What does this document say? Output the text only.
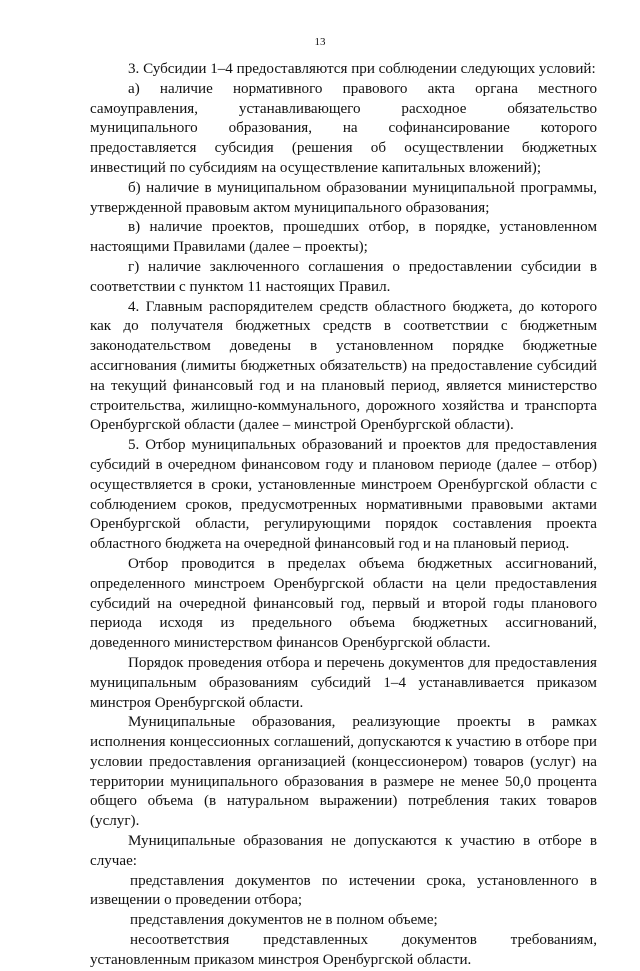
13

3. Субсидии 1–4 предоставляются при соблюдении следующих условий:

а) наличие нормативного правового акта органа местного самоуправления, устанавливающего расходное обязательство муниципального образования, на софинансирование которого предоставляется субсидия (решения об осуществлении бюджетных инвестиций по субсидиям на осуществление капитальных вложений);

б) наличие в муниципальном образовании муниципальной программы, утвержденной правовым актом муниципального образования;

в) наличие проектов, прошедших отбор, в порядке, установленном настоящими Правилами (далее – проекты);

г) наличие заключенного соглашения о предоставлении субсидии в соответствии с пунктом 11 настоящих Правил.

4. Главным распорядителем средств областного бюджета, до которого как до получателя бюджетных средств в соответствии с бюджетным законодательством доведены в установленном порядке бюджетные ассигнования (лимиты бюджетных обязательств) на предоставление субсидий на текущий финансовый год и на плановый период, является министерство строительства, жилищно-коммунального, дорожного хозяйства и транспорта Оренбургской области (далее – минстрой Оренбургской области).

5. Отбор муниципальных образований и проектов для предоставления субсидий в очередном финансовом году и плановом периоде (далее – отбор) осуществляется в сроки, установленные минстроем Оренбургской области с соблюдением сроков, предусмотренных нормативными правовыми актами Оренбургской области, регулирующими порядок составления проекта областного бюджета на очередной финансовый год и на плановый период.

Отбор проводится в пределах объема бюджетных ассигнований, определенного минстроем Оренбургской области на цели предоставления субсидий на очередной финансовый год, первый и второй годы планового периода исходя из предельного объема бюджетных ассигнований, доведенного министерством финансов Оренбургской области.

Порядок проведения отбора и перечень документов для предоставления муниципальным образованиям субсидий 1–4 устанавливается приказом минстроя Оренбургской области.

Муниципальные образования, реализующие проекты в рамках исполнения концессионных соглашений, допускаются к участию в отборе при условии предоставления организацией (концессионером) товаров (услуг) на территории муниципального образования в размере не менее 50,0 процента общего объема (в натуральном выражении) потребления таких товаров (услуг).

Муниципальные образования не допускаются к участию в отборе в случае:

представления документов по истечении срока, установленного в извещении о проведении отбора;

представления документов не в полном объеме;

несоответствия представленных документов требованиям, установленным приказом минстроя Оренбургской области.
